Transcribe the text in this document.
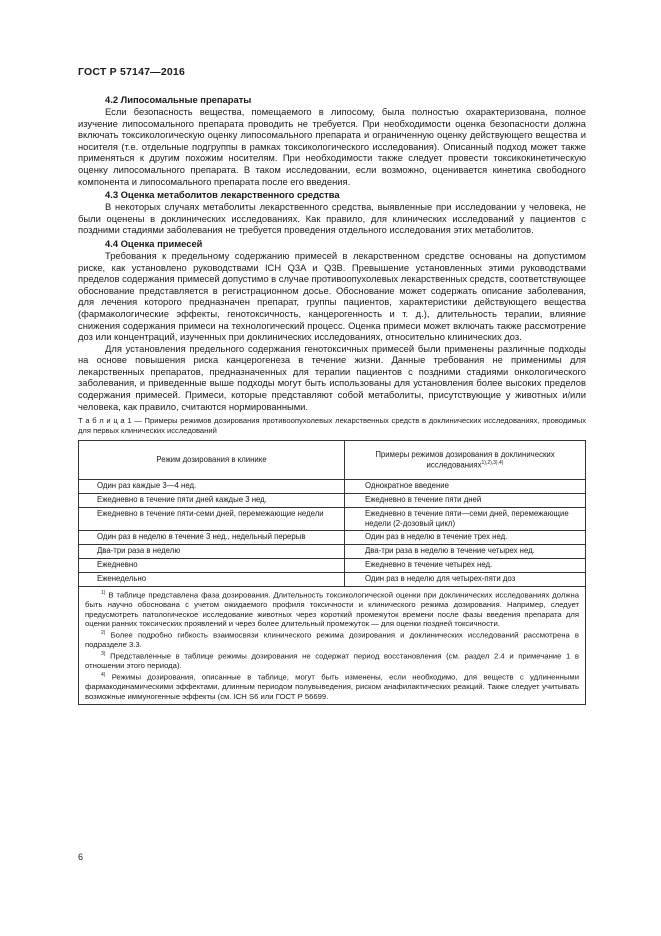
ГОСТ Р 57147—2016

4.2 Липосомальные препараты

Если безопасность вещества, помещаемого в липосому, была полностью охарактеризована, полное изучение липосомального препарата проводить не требуется. При необходимости оценка безопасности должна включать токсикологическую оценку липосомального препарата и ограниченную оценку действующего вещества и носителя (т.е. отдельные подгруппы в рамках токсикологического исследования). Описанный подход может также применяться к другим похожим носителям. При необходимости также следует провести токсикокинетическую оценку липосомального препарата. В таком исследовании, если возможно, оценивается кинетика свободного компонента и липосомального препарата после его введения.

4.3 Оценка метаболитов лекарственного средства

В некоторых случаях метаболиты лекарственного средства, выявленные при исследовании у человека, не были оценены в доклинических исследованиях. Как правило, для клинических исследований у пациентов с поздними стадиями заболевания не требуется проведения отдельного исследования этих метаболитов.

4.4 Оценка примесей

Требования к предельному содержанию примесей в лекарственном средстве основаны на допустимом риске, как установлено руководствами ICH Q3A и Q3B. Превышение установленных этими руководствами пределов содержания примесей допустимо в случае противоопухолевых лекарственных средств, соответствующее обоснование представляется в регистрационном досье. Обоснование может содержать описание заболевания, для лечения которого предназначен препарат, группы пациентов, характеристики действующего вещества (фармакологические эффекты, генотоксичность, канцерогенность и т. д.), длительность терапии, влияние снижения содержания примеси на технологический процесс. Оценка примеси может включать также рассмотрение доз или концентраций, изученных при доклинических исследованиях, относительно клинических доз.

Для установления предельного содержания генотоксичных примесей были применены различные подходы на основе повышения риска канцерогенеза в течение жизни. Данные требования не применимы для лекарственных препаратов, предназначенных для терапии пациентов с поздними стадиями онкологического заболевания, и приведенные выше подходы могут быть использованы для установления более высоких пределов содержания примесей. Примеси, которые представляют собой метаболиты, присутствующие у животных и/или человека, как правило, считаются нормированными.

Т а б л и ц а 1 — Примеры режимов дозирования противоопухолевых лекарственных средств в доклинических исследованиях, проводимых для первых клинических исследований

Режим дозирования в клинике	Примеры режимов дозирования в доклинических исследованиях$^{1),2),3),4)}$
Один раз каждые 3—4 нед.	Однократное введение
Ежедневно в течение пяти дней каждые 3 нед.	Ежедневно в течение пяти дней
Ежедневно в течение пяти-семи дней, перемежающие недели	Ежедневно в течение пяти—семи дней, перемежающие недели (2-дозовый цикл)
Один раз в неделю в течение 3 нед., недельный перерыв	Один раз в неделю в течение трех нед.
Два-три раза в неделю	Два-три раза в неделю в течение четырех нед.
Ежедневно	Ежедневно в течение четырех нед.
Еженедельно	Один раз в неделю для четырех-пяти доз

$^{1)}$ В таблице представлена фаза дозирования. Длительность токсикологической оценки при доклинических исследованиях должна быть научно обоснована с учетом ожидаемого профиля токсичности и клинического режима дозирования. Например, следует предусмотреть патологическое исследование животных через короткий промежуток времени после фазы введения препарата для оценки ранних токсических проявлений и через более длительный промежуток — для оценки поздней токсичности.

$^{2)}$ Более подробно гибкость взаимосвязи клинического режима дозирования и доклинических исследований рассмотрена в подразделе 3.3.

$^{3)}$ Представленные в таблице режимы дозирования не содержат период восстановления (см. раздел 2.4 и примечание 1 в отношении этого периода).

$^{4)}$ Режимы дозирования, описанные в таблице, могут быть изменены, если необходимо, для веществ с удлиненными фармакодинамическими эффектами, длинным периодом полувыведения, риском анафилактических реакций. Также следует учитывать возможные иммуногенные эффекты (см. ICH S6 или ГОСТ Р 56699.	

6
